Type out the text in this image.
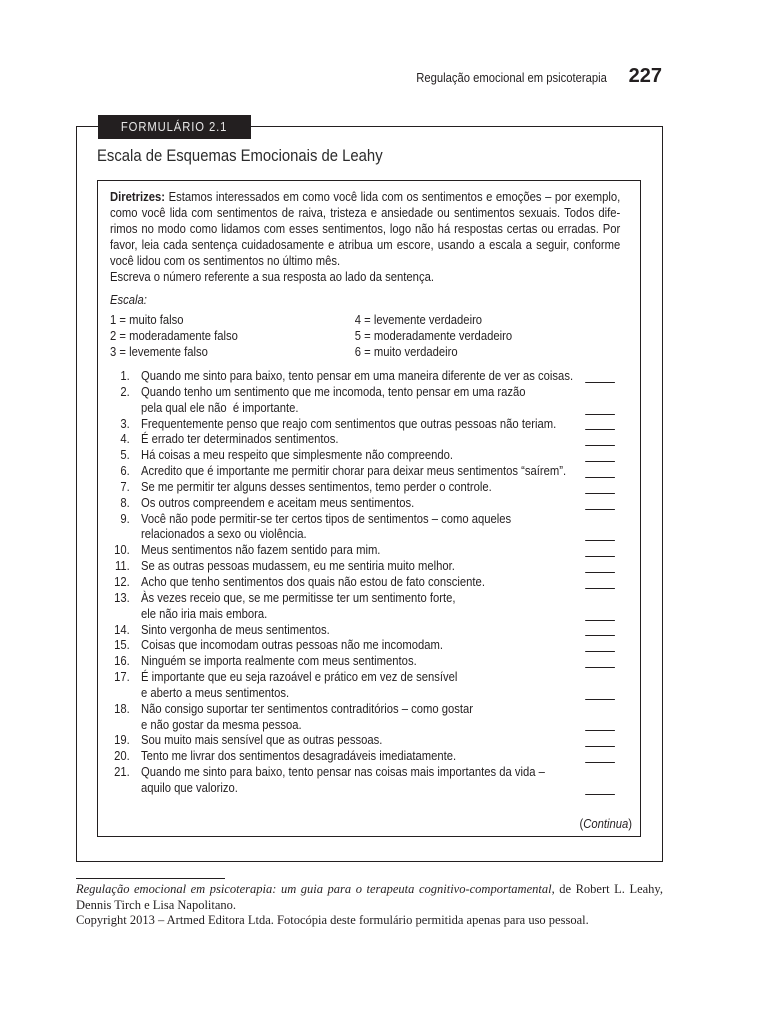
Regulação emocional em psicoterapia 227
FORMULÁRIO 2.1
Escala de Esquemas Emocionais de Leahy
Diretrizes: Estamos interessados em como você lida com os sentimentos e emoções – por exemplo,
como você lida com sentimentos de raiva, tristeza e ansiedade ou sentimentos sexuais. Todos dife-
rimos no modo como lidamos com esses sentimentos, logo não há respostas certas ou erradas. Por
favor, leia cada sentença cuidadosamente e atribua um escore, usando a escala a seguir, conforme
você lidou com os sentimentos no último mês.
Escreva o número referente a sua resposta ao lado da sentença.
Escala:
1 = muito falso
2 = moderadamente falso
3 = levemente falso
4 = levemente verdadeiro
5 = moderadamente verdadeiro
6 = muito verdadeiro
1. Quando me sinto para baixo, tento pensar em uma maneira diferente de ver as coisas.
2. Quando tenho um sentimento que me incomoda, tento pensar em uma razão
pela qual ele não  é importante.
3. Frequentemente penso que reajo com sentimentos que outras pessoas não teriam.
4. É errado ter determinados sentimentos.
5. Há coisas a meu respeito que simplesmente não compreendo.
6. Acredito que é importante me permitir chorar para deixar meus sentimentos “saírem”.
7. Se me permitir ter alguns desses sentimentos, temo perder o controle.
8. Os outros compreendem e aceitam meus sentimentos.
9. Você não pode permitir-se ter certos tipos de sentimentos – como aqueles
relacionados a sexo ou violência.
10. Meus sentimentos não fazem sentido para mim.
11. Se as outras pessoas mudassem, eu me sentiria muito melhor.
12. Acho que tenho sentimentos dos quais não estou de fato consciente.
13. Às vezes receio que, se me permitisse ter um sentimento forte,
ele não iria mais embora.
14. Sinto vergonha de meus sentimentos.
15. Coisas que incomodam outras pessoas não me incomodam.
16. Ninguém se importa realmente com meus sentimentos.
17. É importante que eu seja razoável e prático em vez de sensível
e aberto a meus sentimentos.
18. Não consigo suportar ter sentimentos contraditórios – como gostar
e não gostar da mesma pessoa.
19. Sou muito mais sensível que as outras pessoas.
20. Tento me livrar dos sentimentos desagradáveis imediatamente.
21. Quando me sinto para baixo, tento pensar nas coisas mais importantes da vida –
aquilo que valorizo.
(Continua)
Regulação emocional em psicoterapia: um guia para o terapeuta cognitivo-comportamental, de Robert L. Leahy,
Dennis Tirch e Lisa Napolitano.
Copyright 2013 – Artmed Editora Ltda. Fotocópia deste formulário permitida apenas para uso pessoal.
